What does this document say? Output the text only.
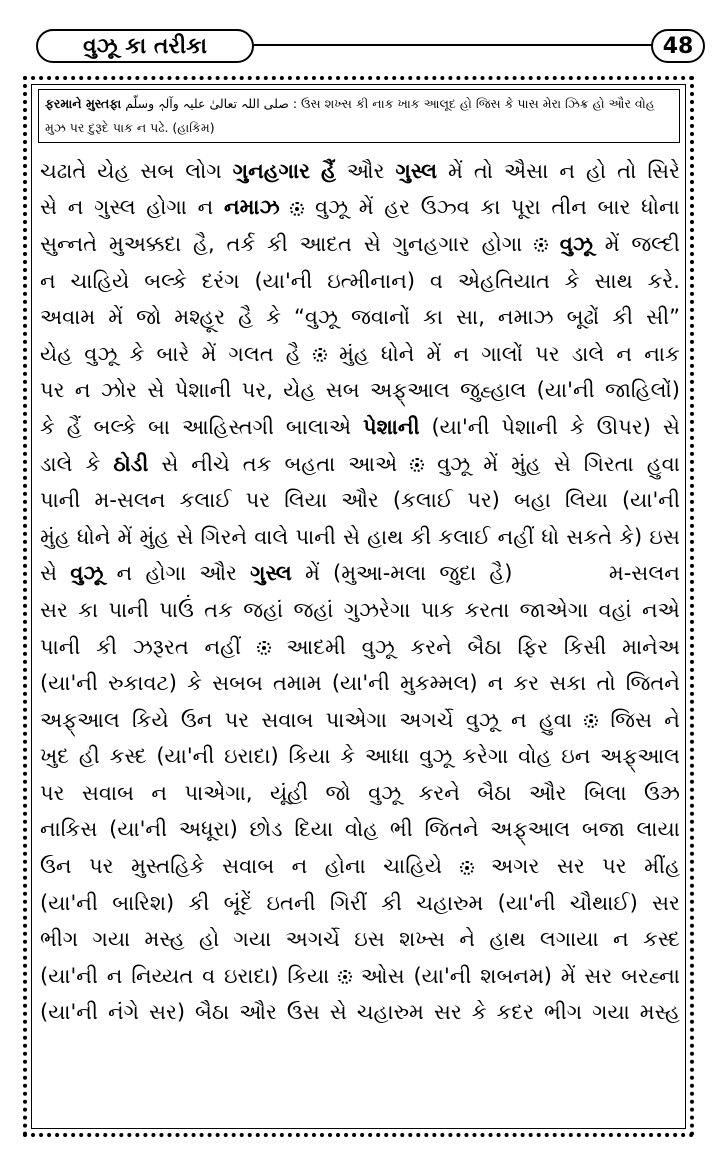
વુઝૂ કા તરીકા	48
ફરમાને મુસ્તફા صلی اللہ تعالیٰ علیہ وآلہٖ وسلّم : ઉસ શખ્સ કી નાક ખાક આલૂદ હો જિસ કે પાસ મેરા ઝિક્ર હો ઔર વોહ
મુઝ પર દુરૂદે પાક ન પઢે. (હાકિમ)
ચઢાતે યેહ સબ લોગ ગુનહગાર હૈં ઔર ગુસ્લ મેં તો ઐસા ન હો તો સિરે
સે ન ગુસ્લ હોગા ન નમાઝ વુઝૂ મેં હર ઉઝ્વ કા પૂરા તીન બાર ધોના
સુન્નતે મુઅક્કદા હૈ, તર્ક કી આદત સે ગુનહગાર હોગા વુઝૂ મેં જલ્દી
ન ચાહિયે બલ્કે દરંગ (યા'ની ઇત્મીનાન) વ એહતિયાત કે સાથ કરે.
અવામ મેં જો મશ્હૂર હૈ કે “વુઝૂ જવાનોં કા સા, નમાઝ બૂઢોં કી સી”
યેહ વુઝૂ કે બારે મેં ગલત હૈ મુંહ ધોને મેં ન ગાલોં પર ડાલે ન નાક
પર ન ઝોર સે પેશાની પર, યેહ સબ અફ્આલ જુહ્હાલ (યા'ની જાહિલોં)
કે હૈં બલ્કે બા આહિસ્તગી બાલાએ પેશાની (યા'ની પેશાની કે ઊપર) સે
ડાલે કે ઠોડી સે નીચે તક બહતા આએ વુઝૂ મેં મુંહ સે ગિરતા હુવા
પાની મ-સલન કલાઈ પર લિયા ઔર (કલાઈ પર) બહા લિયા (યા'ની
મુંહ ધોને મેં મુંહ સે ગિરને વાલે પાની સે હાથ કી કલાઈ નહીં ધો સકતે કે) ઇસ
સે વુઝૂ ન હોગા ઔર ગુસ્લ મેં (મુઆ-મલા જુદા હૈ)	મ-સલન
સર કા પાની પાઉં તક જહાં જહાં ગુઝરેગા પાક કરતા જાએગા વહાં નએ
પાની કી ઝરૂરત નહીં આદમી વુઝૂ કરને બૈઠા ફિર કિસી માનેઅ
(યા'ની રુકાવટ) કે સબબ તમામ (યા'ની મુકમ્મલ) ન કર સકા તો જિતને
અફ્આલ કિયે ઉન પર સવાબ પાએગા અગર્ચે વુઝૂ ન હુવા જિસ ને
ખુદ હી કસ્દ (યા'ની ઇરાદા) કિયા કે આધા વુઝૂ કરેગા વોહ ઇન અફ્આલ
પર સવાબ ન પાએગા, યૂંહી જો વુઝૂ કરને બૈઠા ઔર બિલા ઉઝ્ર
નાકિસ (યા'ની અધૂરા) છોડ દિયા વોહ ભી જિતને અફ્આલ બજા લાયા
ઉન પર મુસ્તહિકે સવાબ ન હોના ચાહિયે અગર સર પર મીંહ
(યા'ની બારિશ) કી બૂંદેં ઇતની ગિરીં કી ચહારુમ (યા'ની ચૌથાઈ) સર
ભીગ ગયા મસ્હ હો ગયા અગર્ચે ઇસ શખ્સ ને હાથ લગાયા ન કસ્દ
(યા'ની ન નિય્યત વ ઇરાદા) કિયા ઓસ (યા'ની શબનમ) મેં સર બરહ્ના
(યા'ની નંગે સર) બૈઠા ઔર ઉસ સે ચહારુમ સર કે કદર ભીગ ગયા મસ્હ
